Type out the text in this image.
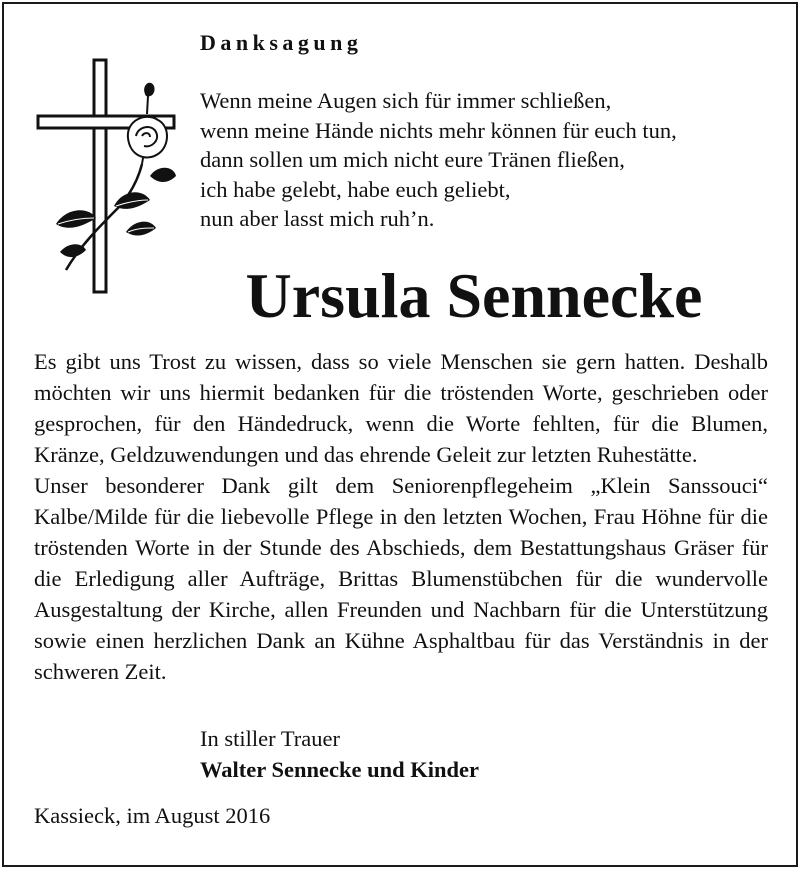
Danksagung
Wenn meine Augen sich für immer schließen,
wenn meine Hände nichts mehr können für euch tun,
dann sollen um mich nicht eure Tränen fließen,
ich habe gelebt, habe euch geliebt,
nun aber lasst mich ruh’n.
Ursula Sennecke

Es gibt uns Trost zu wissen, dass so viele Menschen sie gern hatten. Deshalb möchten wir uns hiermit bedanken für die tröstenden Worte, geschrieben oder gesprochen, für den Händedruck, wenn die Worte fehlten, für die Blumen, Kränze, Geldzuwendungen und das ehrende Geleit zur letzten Ruhestätte.

Unser besonderer Dank gilt dem Seniorenpflegeheim „Klein Sanssouci“ Kalbe/Milde für die liebevolle Pflege in den letzten Wochen, Frau Höhne für die tröstenden Worte in der Stunde des Abschieds, dem Bestattungshaus Gräser für die Erledigung aller Aufträge, Brittas Blumenstübchen für die wundervolle Ausgestaltung der Kirche, allen Freunden und Nachbarn für die Unterstützung sowie einen herzlichen Dank an Kühne Asphaltbau für das Verständnis in der schweren Zeit.

In stiller Trauer
Walter Sennecke und Kinder
Kassieck, im August 2016
